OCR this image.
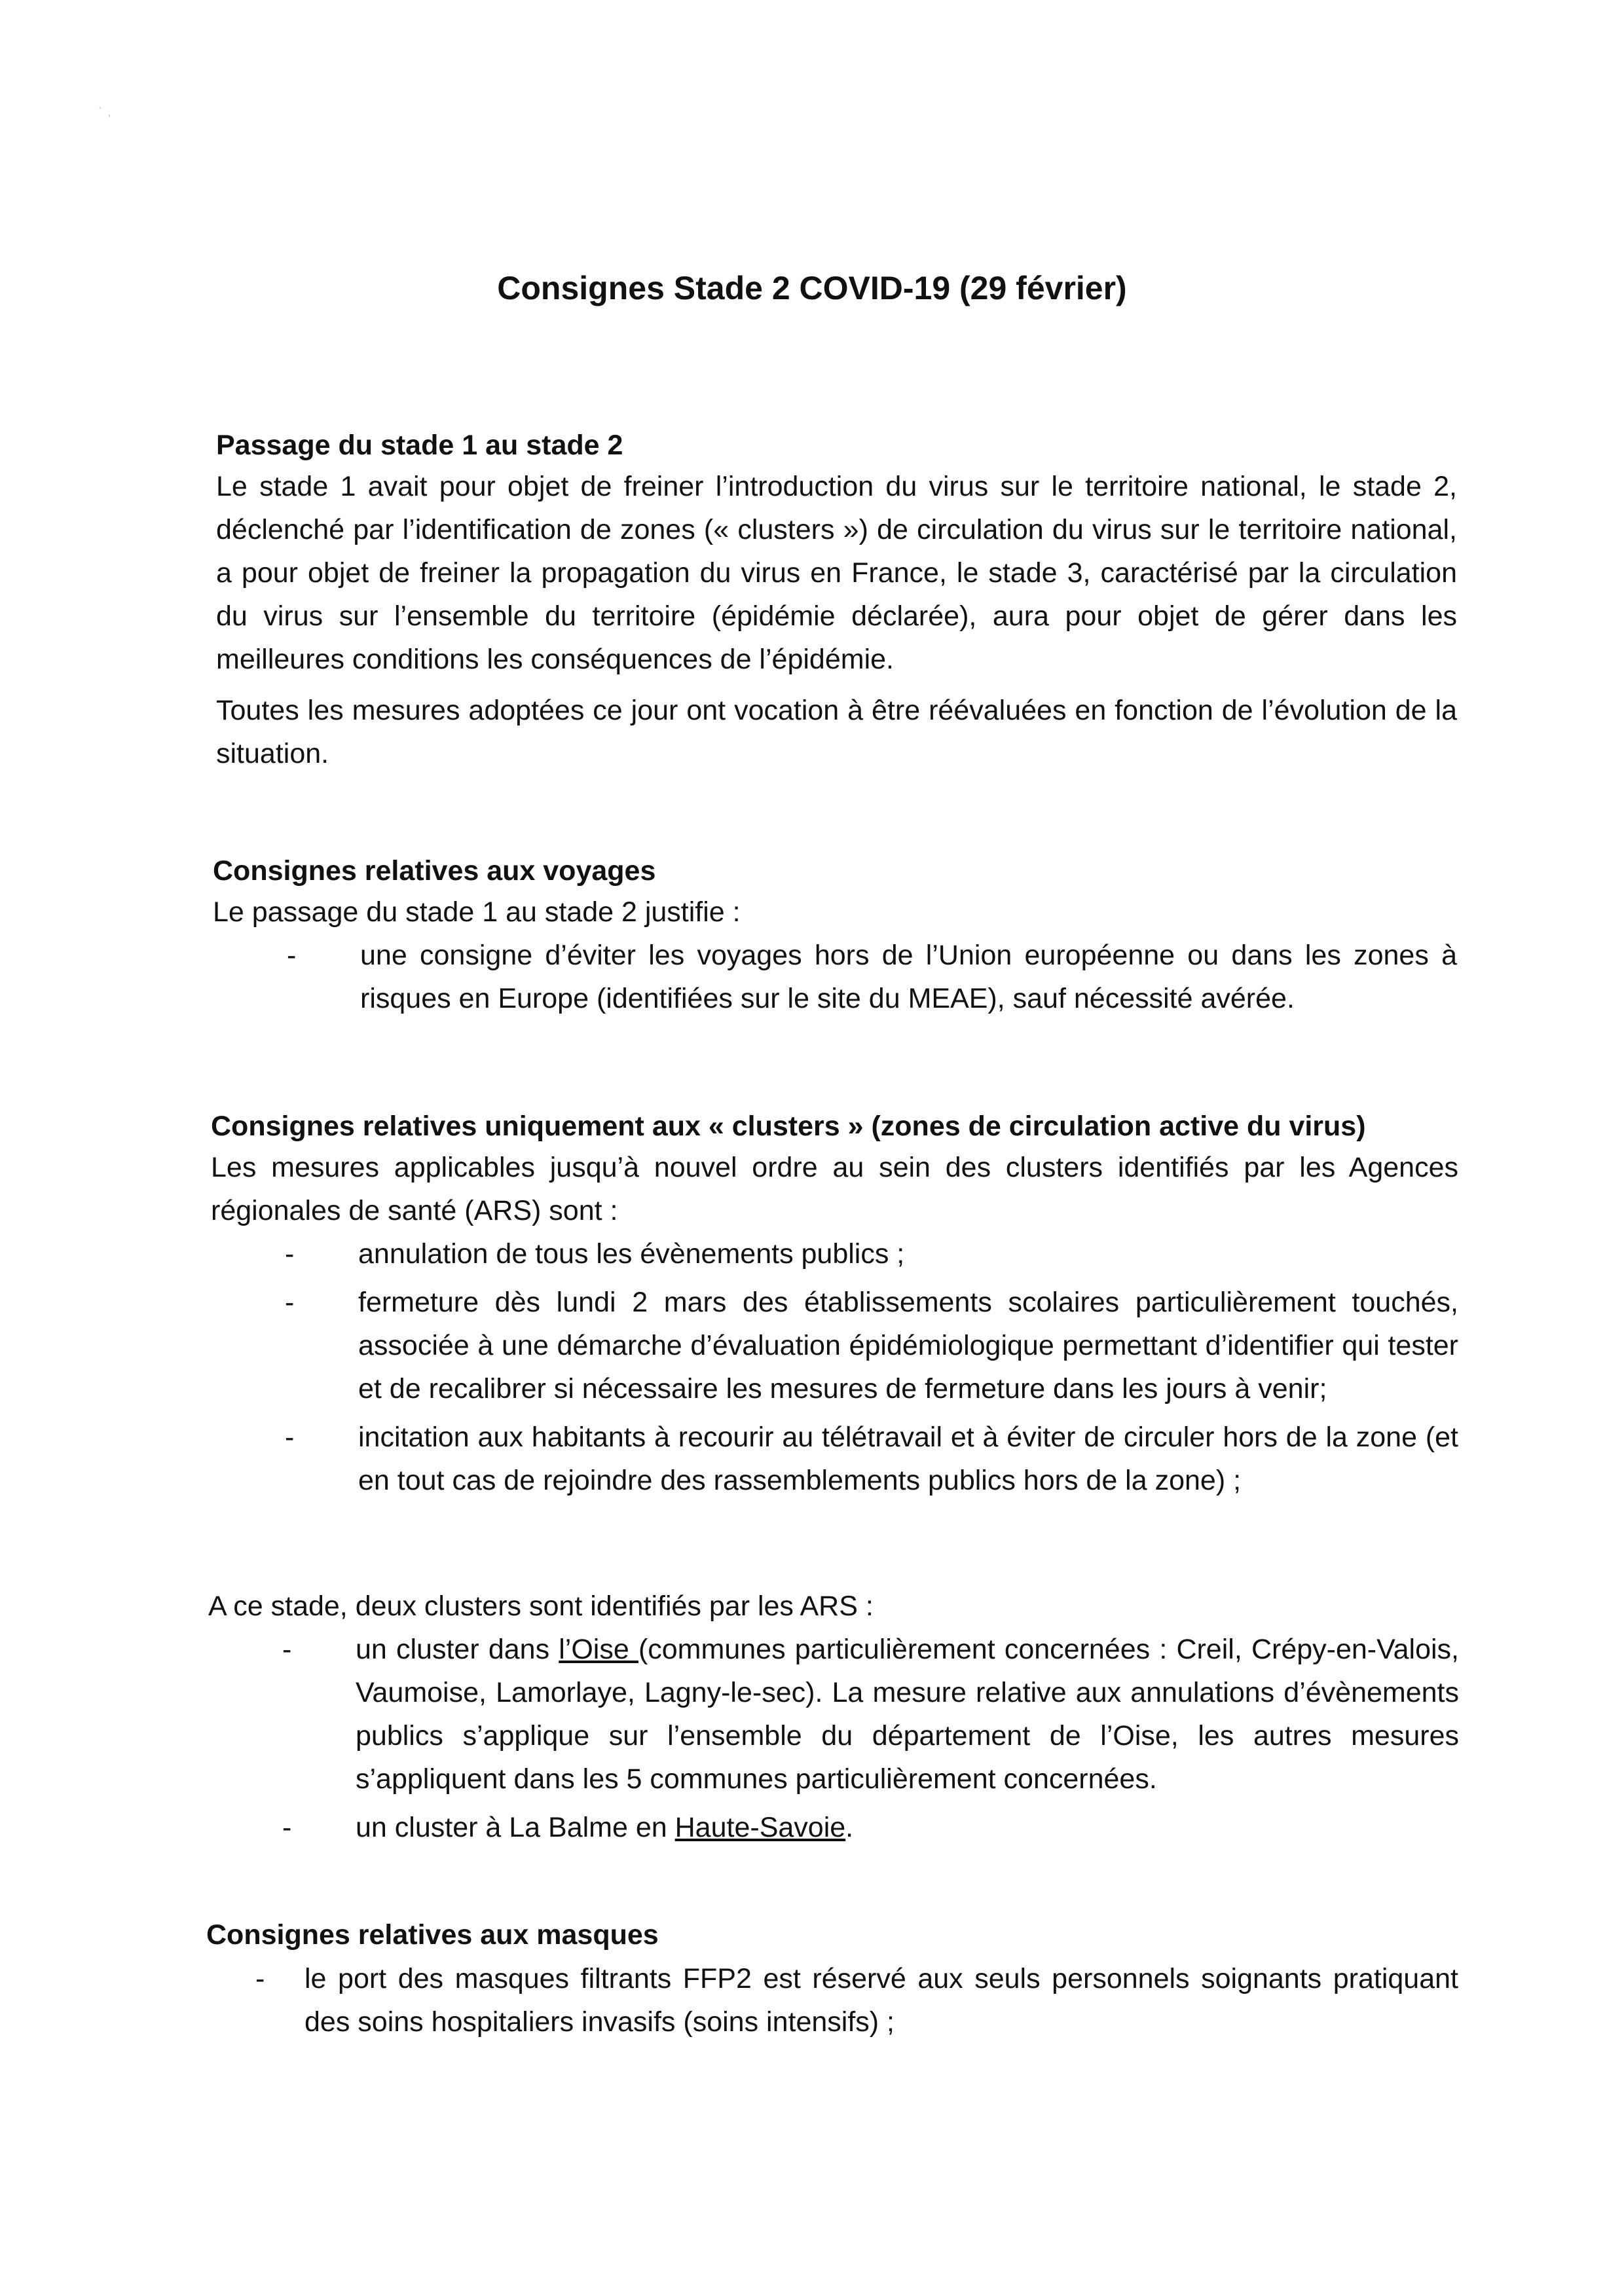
˙ ˒
Consignes Stade 2 COVID-19 (29 février)
Passage du stade 1 au stade 2

Le stade 1 avait pour objet de freiner l’introduction du virus sur le territoire national, le stade 2, déclenché par l’identification de zones (« clusters ») de circulation du virus sur le territoire national, a pour objet de freiner la propagation du virus en France, le stade 3, caractérisé par la circulation du virus sur l’ensemble du territoire (épidémie déclarée), aura pour objet de gérer dans les meilleures conditions les conséquences de l’épidémie.

Toutes les mesures adoptées ce jour ont vocation à être réévaluées en fonction de l’évolution de la situation.

Consignes relatives aux voyages

Le passage du stade 1 au stade 2 justifie :

- une consigne d’éviter les voyages hors de l’Union européenne ou dans les zones à risques en Europe (identifiées sur le site du MEAE), sauf nécessité avérée.
Consignes relatives uniquement aux « clusters » (zones de circulation active du virus)

Les mesures applicables jusqu’à nouvel ordre au sein des clusters identifiés par les Agences régionales de santé (ARS) sont :

- annulation de tous les évènements publics ;
- fermeture dès lundi 2 mars des établissements scolaires particulièrement touchés, associée à une démarche d’évaluation épidémiologique permettant d’identifier qui tester et de recalibrer si nécessaire les mesures de fermeture dans les jours à venir;
- incitation aux habitants à recourir au télétravail et à éviter de circuler hors de la zone (et en tout cas de rejoindre des rassemblements publics hors de la zone) ;

A ce stade, deux clusters sont identifiés par les ARS :

- un cluster dans l’Oise (communes particulièrement concernées : Creil, Crépy-en-Valois, Vaumoise, Lamorlaye, Lagny-le-sec). La mesure relative aux annulations d’évènements publics s’applique sur l’ensemble du département de l’Oise, les autres mesures s’appliquent dans les 5 communes particulièrement concernées.
- un cluster à La Balme en Haute-Savoie.
Consignes relatives aux masques
- le port des masques filtrants FFP2 est réservé aux seuls personnels soignants pratiquant des soins hospitaliers invasifs (soins intensifs) ;
